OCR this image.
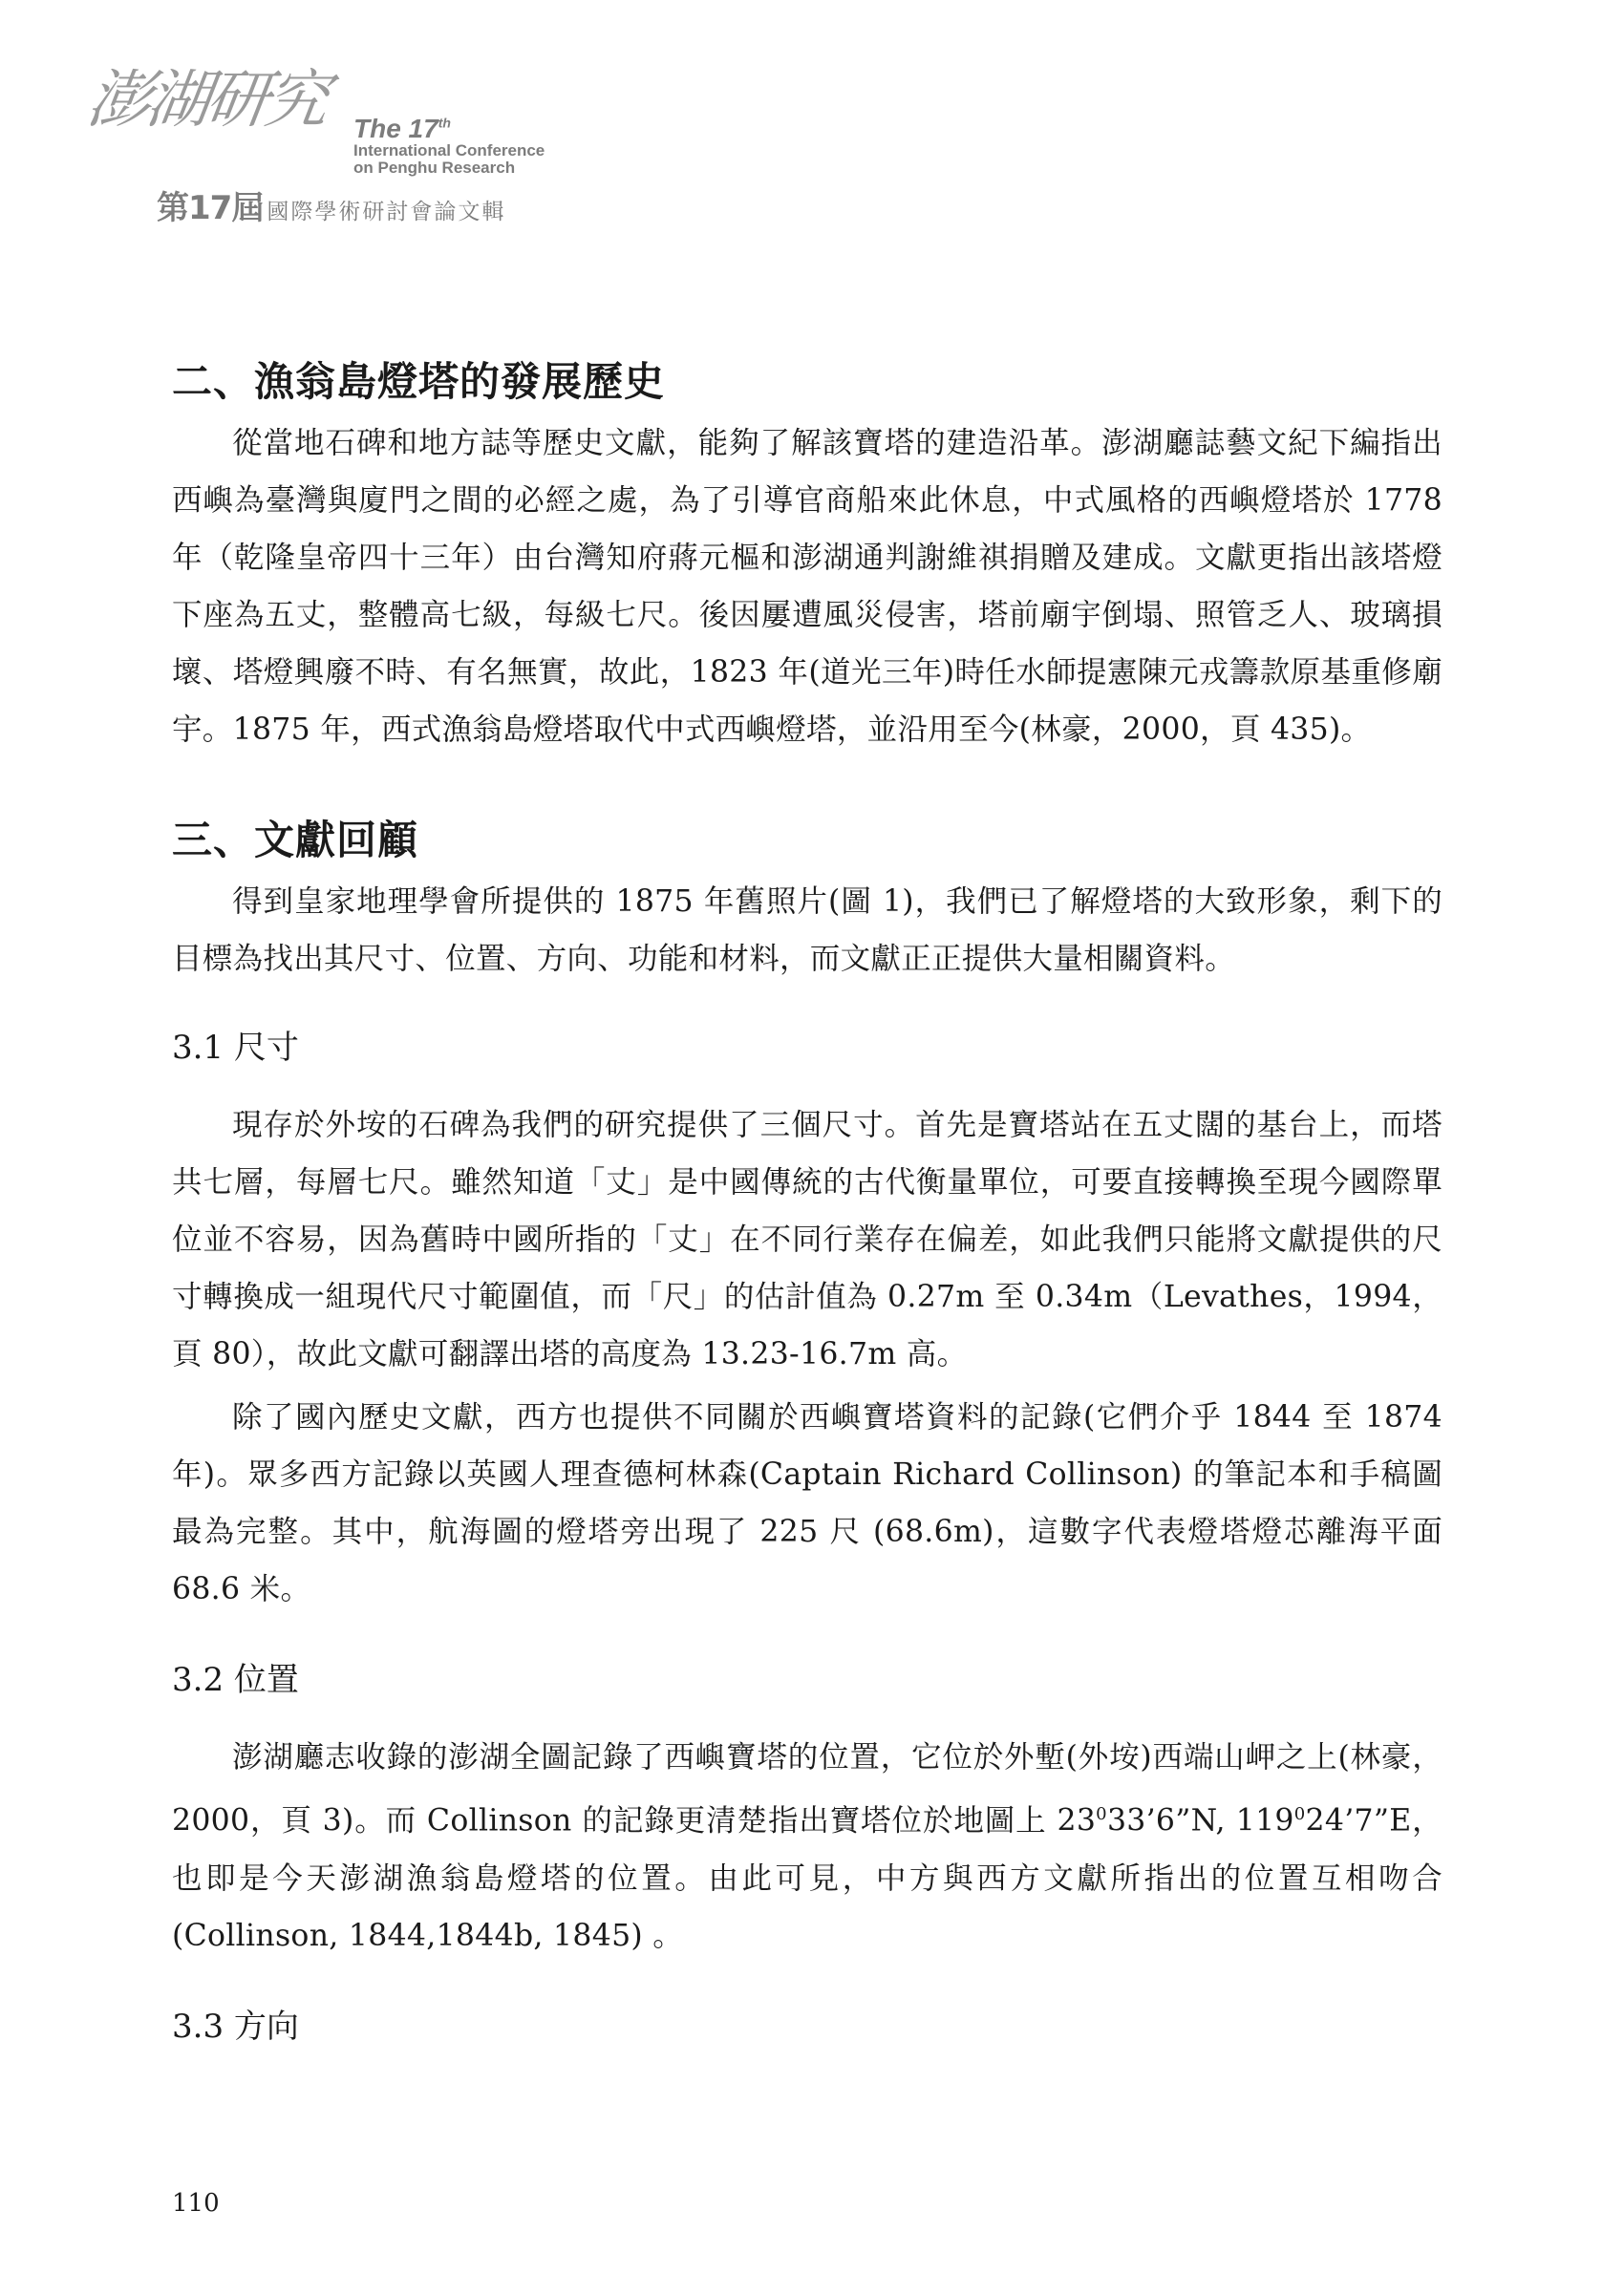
澎湖研究 The 17th
International Conference
on Penghu Research
第17屆 國際學術研討會論文輯
二、漁翁島燈塔的發展歷史

從當地石碑和地方誌等歷史文獻，能夠了解該寶塔的建造沿革。澎湖廳誌藝文紀下編指出西嶼為臺灣與廈門之間的必經之處，為了引導官商船來此休息，中式風格的西嶼燈塔於 1778 年（乾隆皇帝四十三年）由台灣知府蔣元樞和澎湖通判謝維祺捐贈及建成。文獻更指出該塔燈下座為五丈，整體高七級，每級七尺。後因屢遭風災侵害，塔前廟宇倒塌、照管乏人、玻璃損壞、塔燈興廢不時、有名無實，故此，1823 年(道光三年)時任水師提憲陳元戎籌款原基重修廟宇。1875 年，西式漁翁島燈塔取代中式西嶼燈塔，並沿用至今(林豪，2000，頁 435)。

三、文獻回顧

得到皇家地理學會所提供的 1875 年舊照片(圖 1)，我們已了解燈塔的大致形象，剩下的目標為找出其尺寸、位置、方向、功能和材料，而文獻正正提供大量相關資料。

3.1 尺寸

現存於外垵的石碑為我們的研究提供了三個尺寸。首先是寶塔站在五丈闊的基台上，而塔共七層，每層七尺。雖然知道「丈」是中國傳統的古代衡量單位，可要直接轉換至現今國際單位並不容易，因為舊時中國所指的「丈」在不同行業存在偏差，如此我們只能將文獻提供的尺寸轉換成一組現代尺寸範圍值，而「尺」的估計值為 0.27m 至 0.34m（Levathes，1994，頁 80），故此文獻可翻譯出塔的高度為 13.23-16.7m 高。

除了國內歷史文獻，西方也提供不同關於西嶼寶塔資料的記錄(它們介乎 1844 至 1874 年)。眾多西方記錄以英國人理查德柯林森(Captain Richard Collinson) 的筆記本和手稿圖最為完整。其中，航海圖的燈塔旁出現了 225 尺 (68.6m)，這數字代表燈塔燈芯離海平面 68.6 米。

3.2 位置

澎湖廳志收錄的澎湖全圖記錄了西嶼寶塔的位置，它位於外塹(外垵)西端山岬之上(林豪，2000，頁 3)。而 Collinson 的記錄更清楚指出寶塔位於地圖上 $23^033’6”N$, $119^024’7”E$，也即是今天澎湖漁翁島燈塔的位置。由此可見，中方與西方文獻所指出的位置互相吻合 (Collinson, 1844,1844b, 1845) 。

3.3 方向
110
